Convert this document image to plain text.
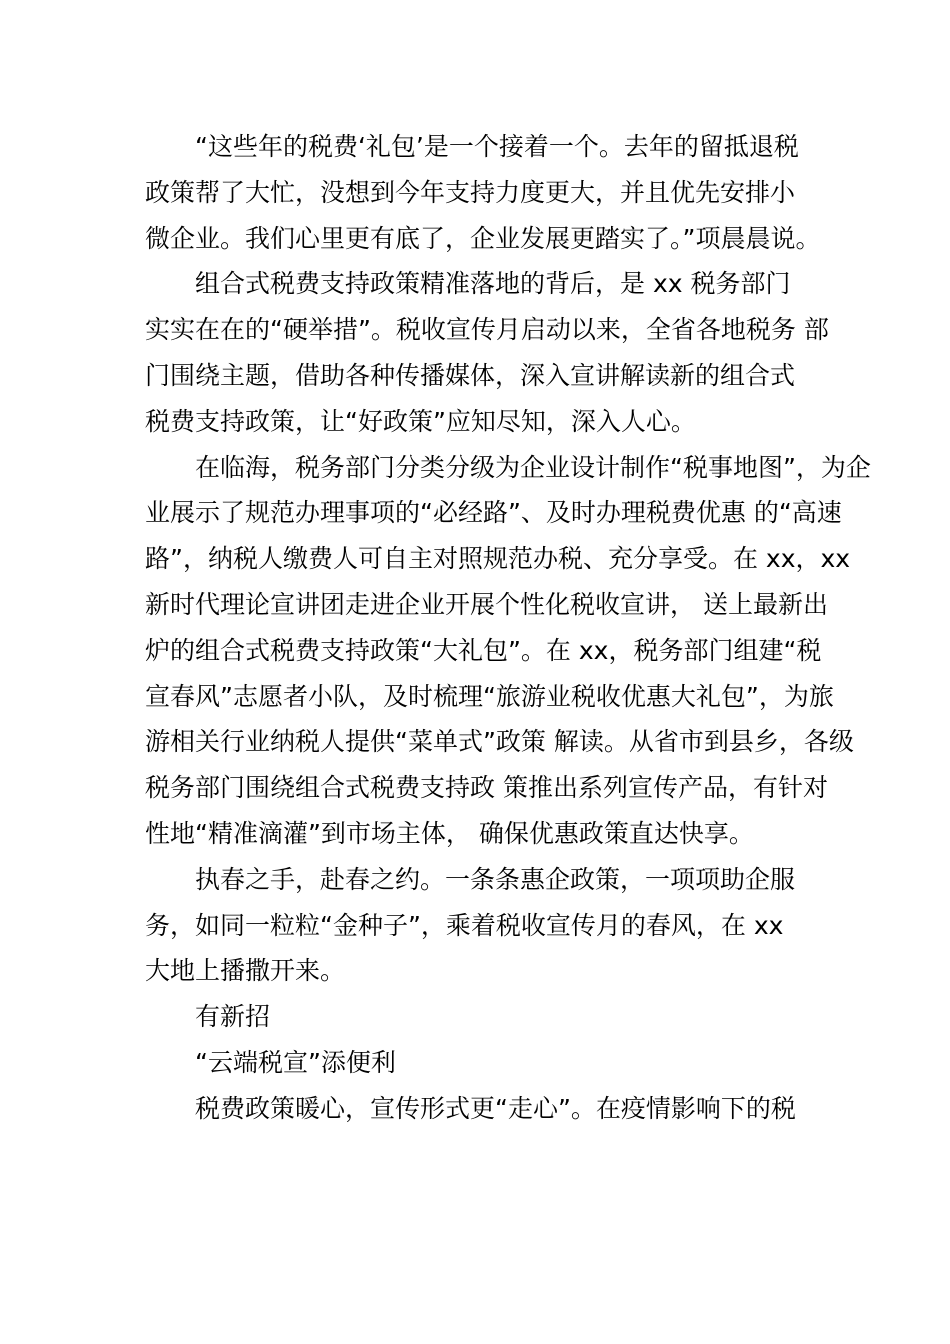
“这些年的税费‘礼包’是一个接着一个。去年的留抵退税
政策帮了大忙，没想到今年支持力度更大，并且优先安排小
微企业。我们心里更有底了，企业发展更踏实了。”项晨晨说。
组合式税费支持政策精准落地的背后，是 xx 税务部门
实实在在的“硬举措”。税收宣传月启动以来，全省各地税务 部
门围绕主题，借助各种传播媒体，深入宣讲解读新的组合式
税费支持政策，让“好政策”应知尽知，深入人心。
在临海，税务部门分类分级为企业设计制作“税事地图”，为企
业展示了规范办理事项的“必经路”、及时办理税费优惠 的“高速
路”，纳税人缴费人可自主对照规范办税、充分享受。在 xx，xx
新时代理论宣讲团走进企业开展个性化税收宣讲， 送上最新出
炉的组合式税费支持政策“大礼包”。在 xx，税务部门组建“税
宣春风”志愿者小队，及时梳理“旅游业税收优惠大礼包”，为旅
游相关行业纳税人提供“菜单式”政策 解读。从省市到县乡，各级
税务部门围绕组合式税费支持政 策推出系列宣传产品，有针对
性地“精准滴灌”到市场主体， 确保优惠政策直达快享。
执春之手，赴春之约。一条条惠企政策，一项项助企服
务，如同一粒粒“金种子”，乘着税收宣传月的春风，在 xx
大地上播撒开来。
有新招
“云端税宣”添便利
税费政策暖心，宣传形式更“走心”。在疫情影响下的税
